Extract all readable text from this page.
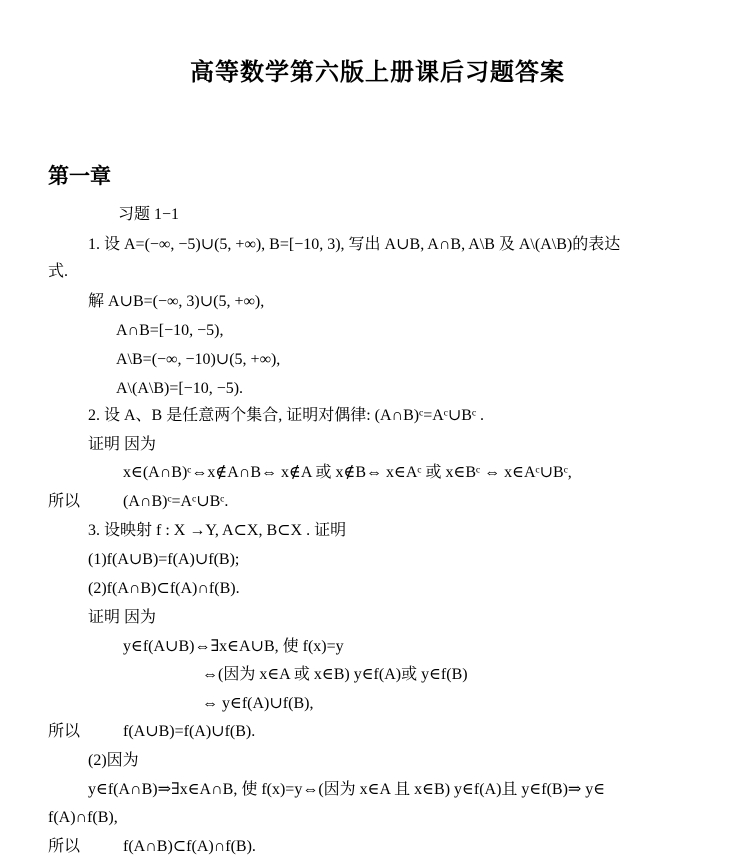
高等数学第六版上册课后习题答案
第一章
习题 1−1
1. 设 A=(−∞, −5)∪(5, +∞), B=[−10, 3), 写出 A∪B, A∩B, A\B 及 A\(A\B)的表达
式.
解 A∪B=(−∞, 3)∪(5, +∞),
A∩B=[−10, −5),
A\B=(−∞, −10)∪(5, +∞),
A\(A\B)=[−10, −5).
2. 设 A、B 是任意两个集合, 证明对偶律: (A∩B)ᶜ=Aᶜ∪Bᶜ .
证明 因为
x∈(A∩B)ᶜ⇔x∉A∩B⇔ x∉A 或 x∉B⇔ x∈Aᶜ 或 x∈Bᶜ ⇔ x∈Aᶜ∪Bᶜ,
所以	(A∩B)ᶜ=Aᶜ∪Bᶜ.
3. 设映射 f : X →Y, A⊂X, B⊂X . 证明
(1)f(A∪B)=f(A)∪f(B);
(2)f(A∩B)⊂f(A)∩f(B).
证明 因为
y∈f(A∪B)⇔∃x∈A∪B, 使 f(x)=y
⇔(因为 x∈A 或 x∈B) y∈f(A)或 y∈f(B)
⇔ y∈f(A)∪f(B),
所以	f(A∪B)=f(A)∪f(B).
(2)因为
y∈f(A∩B)⇒∃x∈A∩B, 使 f(x)=y⇔(因为 x∈A 且 x∈B) y∈f(A)且 y∈f(B)⇒ y∈
f(A)∩f(B),
所以	f(A∩B)⊂f(A)∩f(B).
